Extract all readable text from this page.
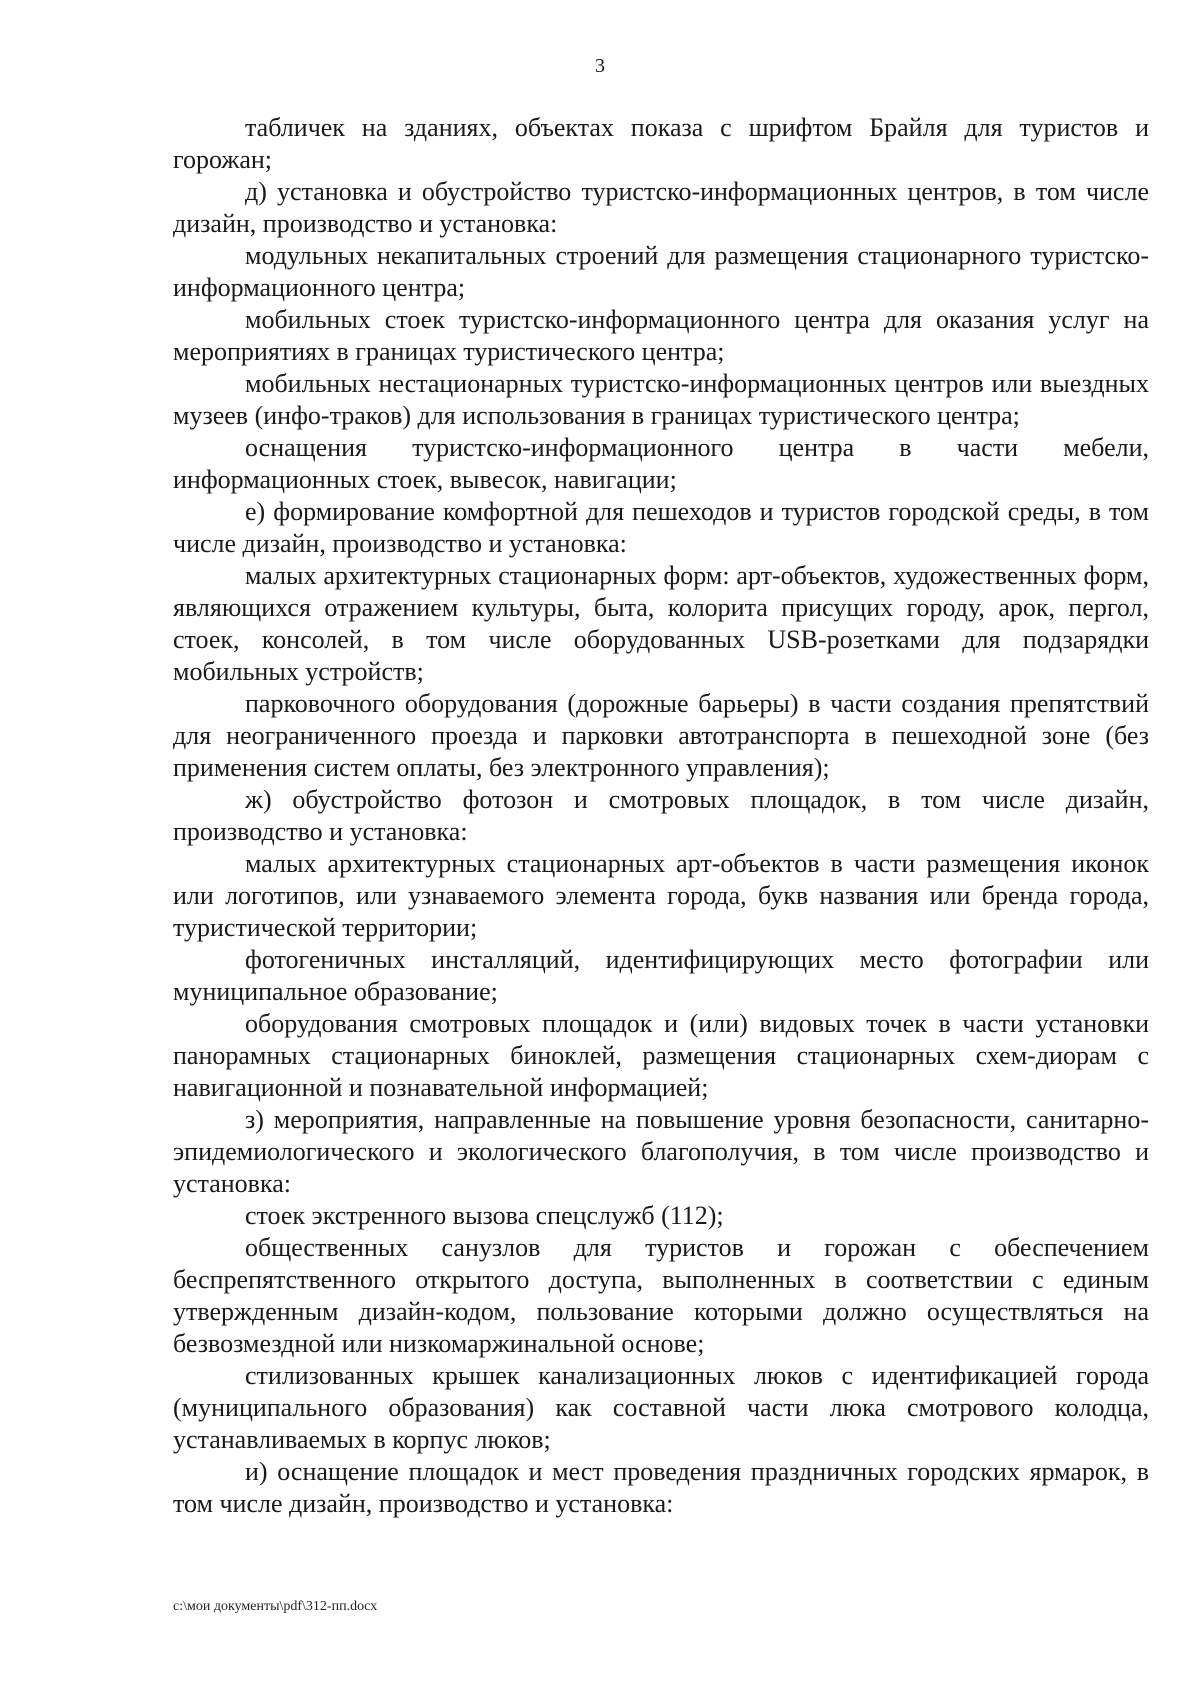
3

табличек на зданиях, объектах показа с шрифтом Брайля для туристов и горожан;

д) установка и обустройство туристско-информационных центров, в том числе дизайн, производство и установка:

модульных некапитальных строений для размещения стационарного туристско-информационного центра;

мобильных стоек туристско-информационного центра для оказания услуг на мероприятиях в границах туристического центра;

мобильных нестационарных туристско-информационных центров или выездных музеев (инфо-траков) для использования в границах туристического центра;

оснащения туристско-информационного центра в части мебели, информационных стоек, вывесок, навигации;

е) формирование комфортной для пешеходов и туристов городской среды, в том числе дизайн, производство и установка:

малых архитектурных стационарных форм: арт-объектов, художественных форм, являющихся отражением культуры, быта, колорита присущих городу, арок, пергол, стоек, консолей, в том числе оборудованных USB-розетками для подзарядки мобильных устройств;

парковочного оборудования (дорожные барьеры) в части создания препятствий для неограниченного проезда и парковки автотранспорта в пешеходной зоне (без применения систем оплаты, без электронного управления);

ж) обустройство фотозон и смотровых площадок, в том числе дизайн, производство и установка:

малых архитектурных стационарных арт-объектов в части размещения иконок или логотипов, или узнаваемого элемента города, букв названия или бренда города, туристической территории;

фотогеничных инсталляций, идентифицирующих место фотографии или муниципальное образование;

оборудования смотровых площадок и (или) видовых точек в части установки панорамных стационарных биноклей, размещения стационарных схем-диорам с навигационной и познавательной информацией;

з) мероприятия, направленные на повышение уровня безопасности, санитарно-эпидемиологического и экологического благополучия, в том числе производство и установка:

стоек экстренного вызова спецслужб (112);

общественных санузлов для туристов и горожан с обеспечением беспрепятственного открытого доступа, выполненных в соответствии с единым утвержденным дизайн-кодом, пользование которыми должно осуществляться на безвозмездной или низкомаржинальной основе;

стилизованных крышек канализационных люков с идентификацией города (муниципального образования) как составной части люка смотрового колодца, устанавливаемых в корпус люков;

и) оснащение площадок и мест проведения праздничных городских ярмарок, в том числе дизайн, производство и установка:

c:\мои документы\pdf\312-пп.docx
